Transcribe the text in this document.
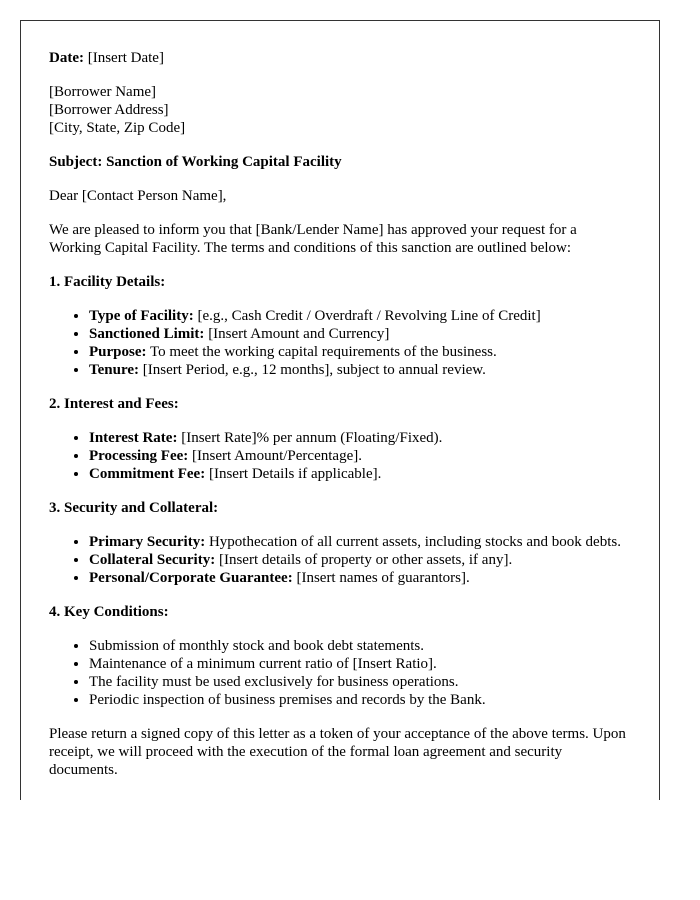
Date: [Insert Date]

[Borrower Name]

[Borrower Address]

[City, State, Zip Code]

Subject: Sanction of Working Capital Facility

Dear [Contact Person Name],

We are pleased to inform you that [Bank/Lender Name] has approved your request for a Working Capital Facility. The terms and conditions of this sanction are outlined below:

1. Facility Details:
• Type of Facility: [e.g., Cash Credit / Overdraft / Revolving Line of Credit]
• Sanctioned Limit: [Insert Amount and Currency]
• Purpose: To meet the working capital requirements of the business.
• Tenure: [Insert Period, e.g., 12 months], subject to annual review.
2. Interest and Fees:
• Interest Rate: [Insert Rate]% per annum (Floating/Fixed).
• Processing Fee: [Insert Amount/Percentage].
• Commitment Fee: [Insert Details if applicable].
3. Security and Collateral:
• Primary Security: Hypothecation of all current assets, including stocks and book debts.
• Collateral Security: [Insert details of property or other assets, if any].
• Personal/Corporate Guarantee: [Insert names of guarantors].
4. Key Conditions:
• Submission of monthly stock and book debt statements.
• Maintenance of a minimum current ratio of [Insert Ratio].
• The facility must be used exclusively for business operations.
• Periodic inspection of business premises and records by the Bank.

Please return a signed copy of this letter as a token of your acceptance of the above terms. Upon receipt, we will proceed with the execution of the formal loan agreement and security documents.
